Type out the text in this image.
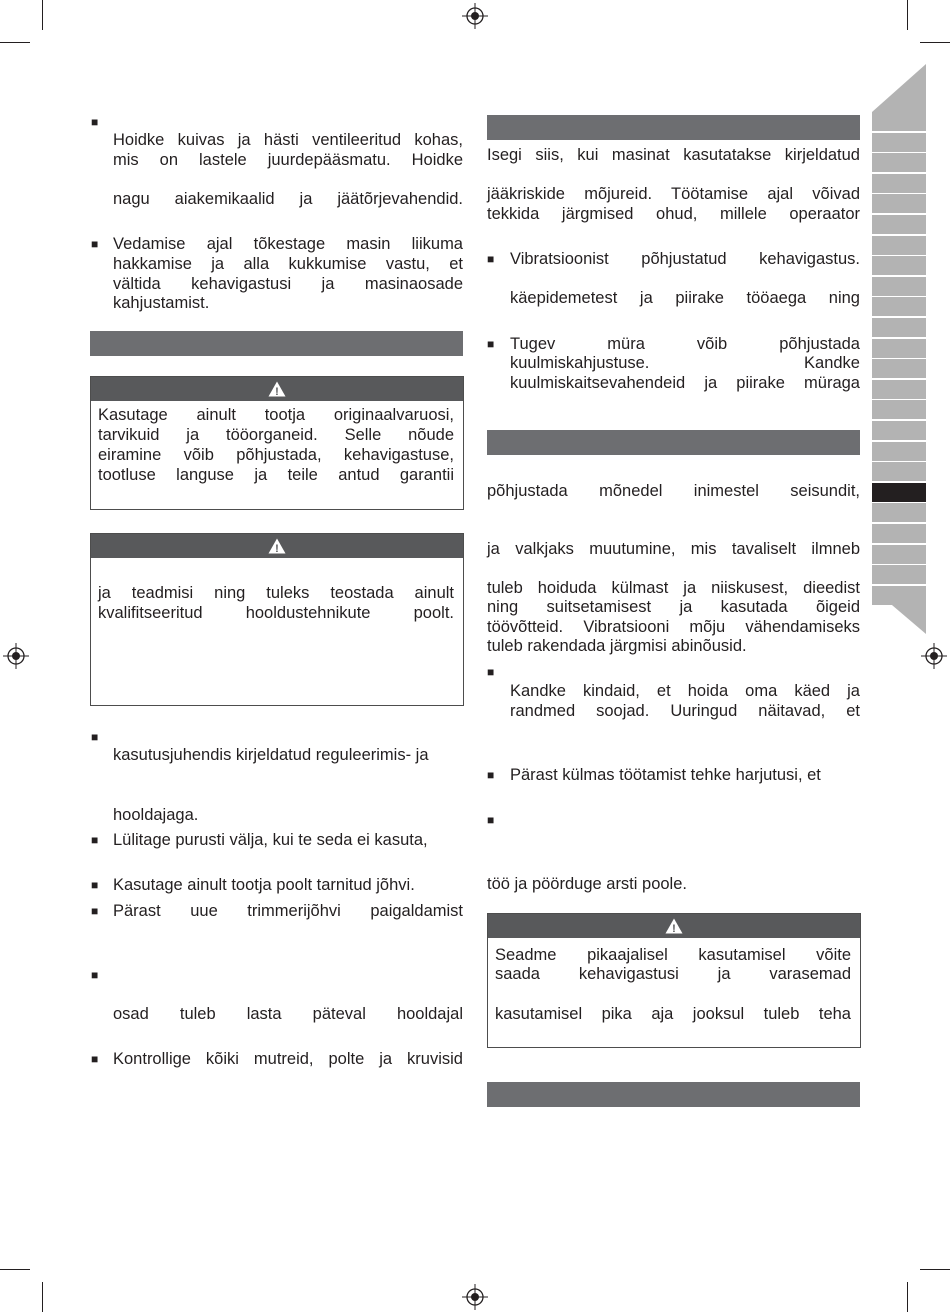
■
Hoidke kuivas ja hästi ventileeritud kohas,
mis on lastele juurdepääsmatu. Hoidke
nagu aiakemikaalid ja jäätõrjevahendid.
■ Vedamise ajal tõkestage masin liikuma
hakkamise ja alla kukkumise vastu, et
vältida kehavigastusi ja masinaosade
kahjustamist.
!
Kasutage ainult tootja originaalvaruosi,
tarvikuid ja tööorganeid. Selle nõude
eiramine võib põhjustada, kehavigastuse,
tootluse languse ja teile antud garantii
!
ja teadmisi ning tuleks teostada ainult
kvalifitseeritud hooldustehnikute poolt.
■
kasutusjuhendis kirjeldatud reguleerimis- ja
hooldajaga.
■ Lülitage purusti välja, kui te seda ei kasuta,
■ Kasutage ainult tootja poolt tarnitud jõhvi.
■ Pärast uue trimmerijõhvi paigaldamist
■
osad tuleb lasta päteval hooldajal
■ Kontrollige kõiki mutreid, polte ja kruvisid
Isegi siis, kui masinat kasutatakse kirjeldatud
jääkriskide mõjureid. Töötamise ajal võivad
tekkida järgmised ohud, millele operaator
■ Vibratsioonist põhjustatud kehavigastus.
käepidemetest ja piirake tööaega ning
■ Tugev müra võib põhjustada
kuulmiskahjustuse. Kandke
kuulmiskaitsevahendeid ja piirake müraga
põhjustada mõnedel inimestel seisundit,
ja valkjaks muutumine, mis tavaliselt ilmneb
tuleb hoiduda külmast ja niiskusest, dieedist
ning suitsetamisest ja kasutada õigeid
töövõtteid. Vibratsiooni mõju vähendamiseks
tuleb rakendada järgmisi abinõusid.
■
Kandke kindaid, et hoida oma käed ja
randmed soojad. Uuringud näitavad, et
■ Pärast külmas töötamist tehke harjutusi, et
■
töö ja pöörduge arsti poole.
!
Seadme pikaajalisel kasutamisel võite
saada kehavigastusi ja varasemad
kasutamisel pika aja jooksul tuleb teha
